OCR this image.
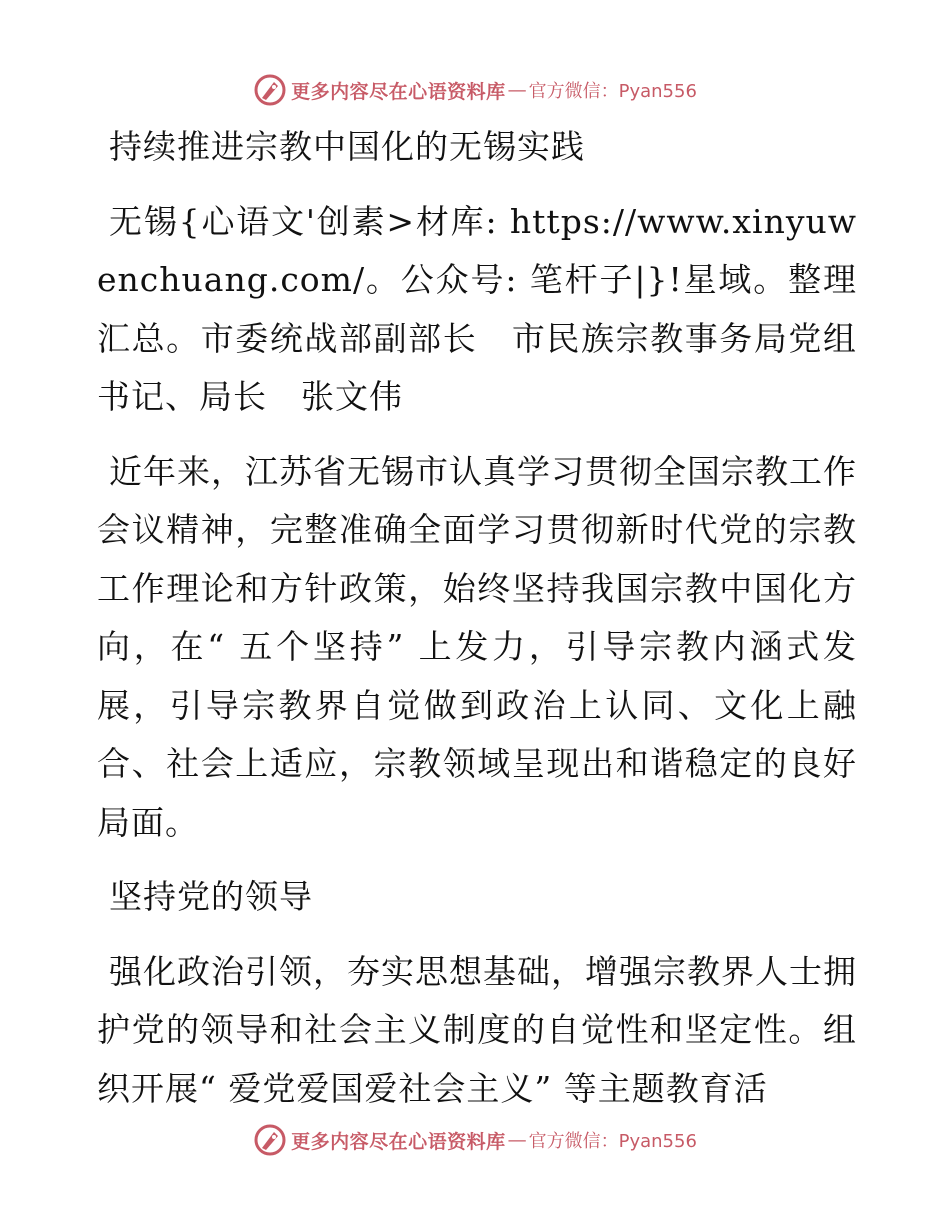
更多内容尽在心语资料库 — 官方微信：Pyan556

持续推进宗教中国化的无锡实践

无锡{心语文'创素>材库: https://www.xinyuwenchuang.com/。公众号: 笔杆子|}!星域。整理汇总。市委统战部副部长　市民族宗教事务局党组书记、局长　张文伟

近年来，江苏省无锡市认真学习贯彻全国宗教工作会议精神，完整准确全面学习贯彻新时代党的宗教工作理论和方针政策，始终坚持我国宗教中国化方向，在“ 五个坚持” 上发力，引导宗教内涵式发展，引导宗教界自觉做到政治上认同、文化上融合、社会上适应，宗教领域呈现出和谐稳定的良好局面。

坚持党的领导

强化政治引领，夯实思想基础，增强宗教界人士拥护党的领导和社会主义制度的自觉性和坚定性。组织开展“ 爱党爱国爱社会主义” 等主题教育活

更多内容尽在心语资料库 — 官方微信：Pyan556
